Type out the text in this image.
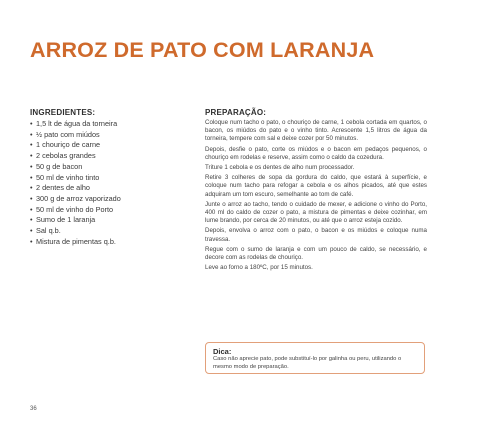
ARROZ DE PATO COM LARANJA
INGREDIENTES:
• 1,5 lt de água da torneira
• ½ pato com miúdos
• 1 chouriço de carne
• 2 cebolas grandes
• 50 g de bacon
• 50 ml de vinho tinto
• 2 dentes de alho
• 300 g de arroz vaporizado
• 50 ml de vinho do Porto
• Sumo de 1 laranja
• Sal q.b.
• Mistura de pimentas q.b.
PREPARAÇÃO:

Coloque num tacho o pato, o chouriço de carne, 1 cebola cortada em quartos, o bacon, os miúdos do pato e o vinho tinto. Acrescente 1,5 litros de água da torneira, tempere com sal e deixe cozer por 50 minutos.

Depois, desfie o pato, corte os miúdos e o bacon em pedaços pequenos, o chouriço em rodelas e reserve, assim como o caldo da cozedura.

Triture 1 cebola e os dentes de alho num processador.

Retire 3 colheres de sopa da gordura do caldo, que estará à superfície, e coloque num tacho para refogar a cebola e os alhos picados, até que estes adquiram um tom escuro, semelhante ao tom de café.

Junte o arroz ao tacho, tendo o cuidado de mexer, e adicione o vinho do Porto, 400 ml do caldo de cozer o pato, a mistura de pimentas e deixe cozinhar, em lume brando, por cerca de 20 minutos, ou até que o arroz esteja cozido.

Depois, envolva o arroz com o pato, o bacon e os miúdos e coloque numa travessa.

Regue com o sumo de laranja e com um pouco de caldo, se necessário, e decore com as rodelas de chouriço.

Leve ao forno a 180ºC, por 15 minutos.

Dica:
Caso não aprecie pato, pode substituí-lo por galinha ou peru, utilizando o mesmo modo de preparação.
36
